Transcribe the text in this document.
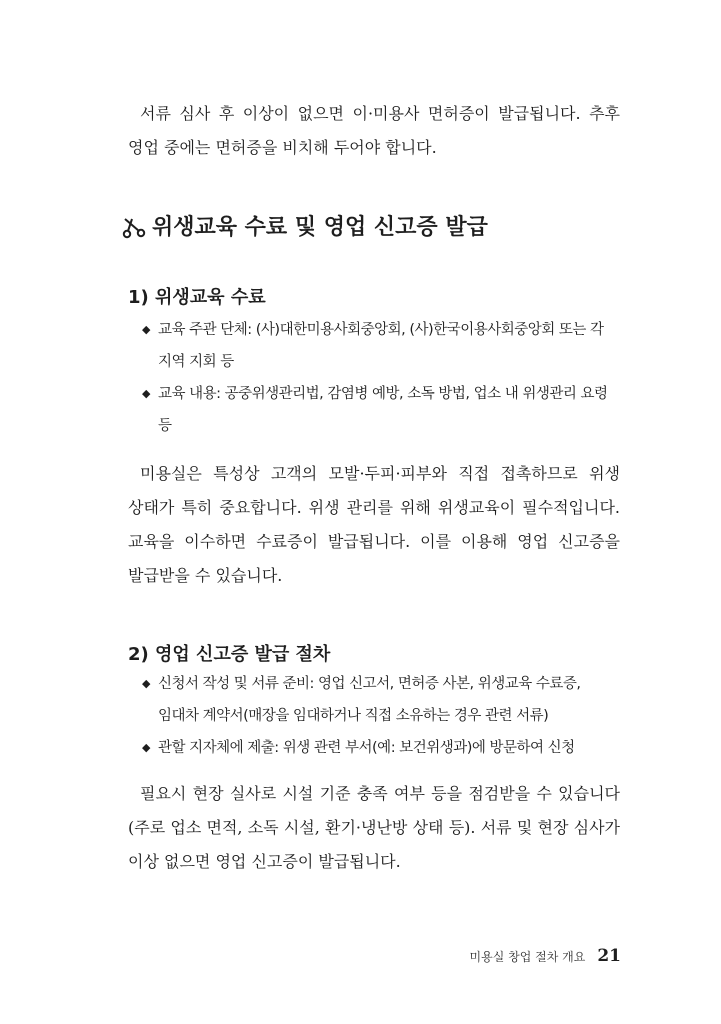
서류 심사 후 이상이 없으면 이·미용사 면허증이 발급됩니다. 추후 영업 중에는 면허증을 비치해 두어야 합니다.

위생교육 수료 및 영업 신고증 발급
1) 위생교육 수료
◆ 교육 주관 단체: (사)대한미용사회중앙회, (사)한국이용사회중앙회 또는 각 지역 지회 등
◆ 교육 내용: 공중위생관리법, 감염병 예방, 소독 방법, 업소 내 위생관리 요령 등

미용실은 특성상 고객의 모발·두피·피부와 직접 접촉하므로 위생 상태가 특히 중요합니다. 위생 관리를 위해 위생교육이 필수적입니다. 교육을 이수하면 수료증이 발급됩니다. 이를 이용해 영업 신고증을 발급받을 수 있습니다.

2) 영업 신고증 발급 절차
◆ 신청서 작성 및 서류 준비: 영업 신고서, 면허증 사본, 위생교육 수료증, 임대차 계약서(매장을 임대하거나 직접 소유하는 경우 관련 서류)
◆ 관할 지자체에 제출: 위생 관련 부서(예: 보건위생과)에 방문하여 신청

필요시 현장 실사로 시설 기준 충족 여부 등을 점검받을 수 있습니다(주로 업소 면적, 소독 시설, 환기·냉난방 상태 등). 서류 및 현장 심사가 이상 없으면 영업 신고증이 발급됩니다.

미용실 창업 절차 개요 21
